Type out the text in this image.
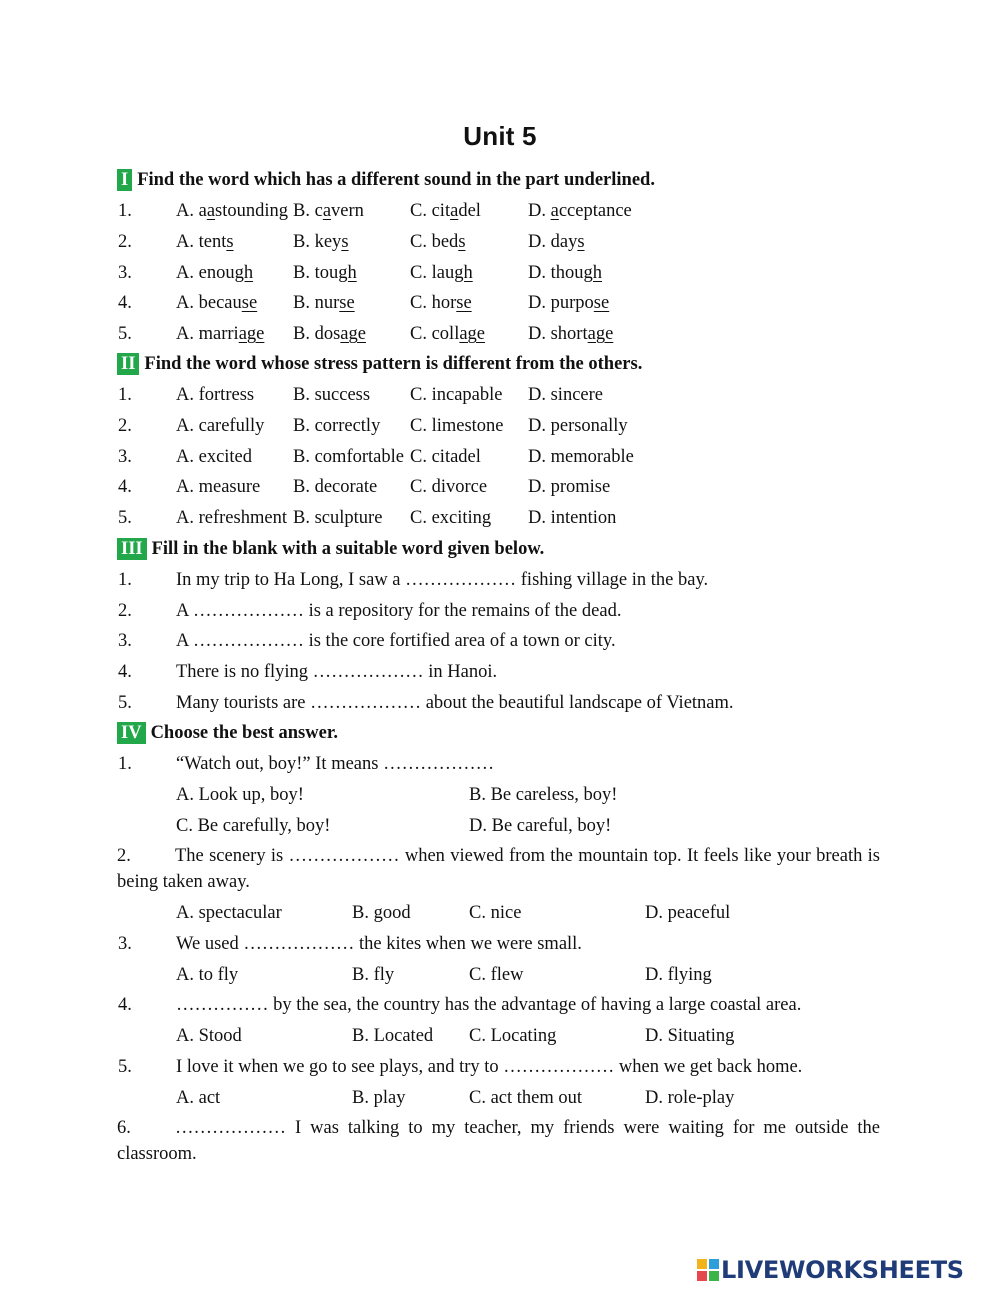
Unit 5
I Find the word which has a different sound in the part underlined.
1. A. aastounding B. cavern C. citadel	D. acceptance
2. A. tents	B. keys	C. beds	D. days
3. A. enough B. tough	C. laugh	D. though
4. A. because B. nurse	C. horse	D. purpose
5. A. marriage B. dosage C. collage D. shortage
II Find the word whose stress pattern is different from the others.
1. A. fortress B. success C. incapable D. sincere
2. A. carefully B. correctly C. limestone D. personally
3. A. excited B. comfortable C. citadel	D. memorable
4. A. measure B. decorate C. divorce D. promise
5. A. refreshment B. sculpture C. exciting D. intention
III Fill in the blank with a suitable word given below.
1. In my trip to Ha Long, I saw a ……………… fishing village in the bay.
2. A ……………… is a repository for the remains of the dead.
3. A ……………… is the core fortified area of a town or city.
4. There is no flying ……………… in Hanoi.
5. Many tourists are ……………… about the beautiful landscape of Vietnam.
IV Choose the best answer.
1. “Watch out, boy!” It means ………………
A. Look up, boy!	B. Be careless, boy!
C. Be carefully, boy!	D. Be careful, boy!
2. The scenery is ……………… when viewed from the mountain top. It feels like your breath is being taken away.
A. spectacular	B. good	C. nice	D. peaceful
3. We used ……………… the kites when we were small.
A. to fly	B. fly	C. flew	D. flying
4. …………… by the sea, the country has the advantage of having a large coastal area.
A. Stood	B. Located C. Locating	D. Situating
5. I love it when we go to see plays, and try to ……………… when we get back home.
A. act	B. play	C. act them out	D. role-play
6. ……………… I was talking to my teacher, my friends were waiting for me outside the classroom.
LIVEWORKSHEETS
